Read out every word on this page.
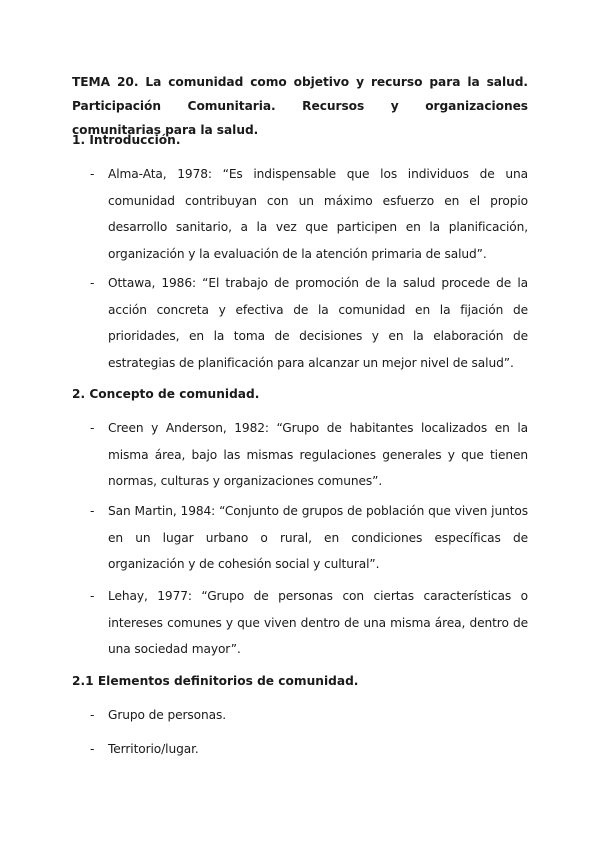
TEMA 20. La comunidad como objetivo y recurso para la salud. Participación Comunitaria. Recursos y organizaciones comunitarias para la salud.
1. Introducción.
- Alma-Ata, 1978: “Es indispensable que los individuos de una comunidad contribuyan con un máximo esfuerzo en el propio desarrollo sanitario, a la vez que participen en la planificación, organización y la evaluación de la atención primaria de salud”.
- Ottawa, 1986: “El trabajo de promoción de la salud procede de la acción concreta y efectiva de la comunidad en la fijación de prioridades, en la toma de decisiones y en la elaboración de estrategias de planificación para alcanzar un mejor nivel de salud”.
2. Concepto de comunidad.
- Creen y Anderson, 1982: “Grupo de habitantes localizados en la misma área, bajo las mismas regulaciones generales y que tienen normas, culturas y organizaciones comunes”.
- San Martin, 1984: “Conjunto de grupos de población que viven juntos en un lugar urbano o rural, en condiciones específicas de organización y de cohesión social y cultural”.
- Lehay, 1977: “Grupo de personas con ciertas características o intereses comunes y que viven dentro de una misma área, dentro de una sociedad mayor”.
2.1 Elementos definitorios de comunidad.
- Grupo de personas.
- Territorio/lugar.
